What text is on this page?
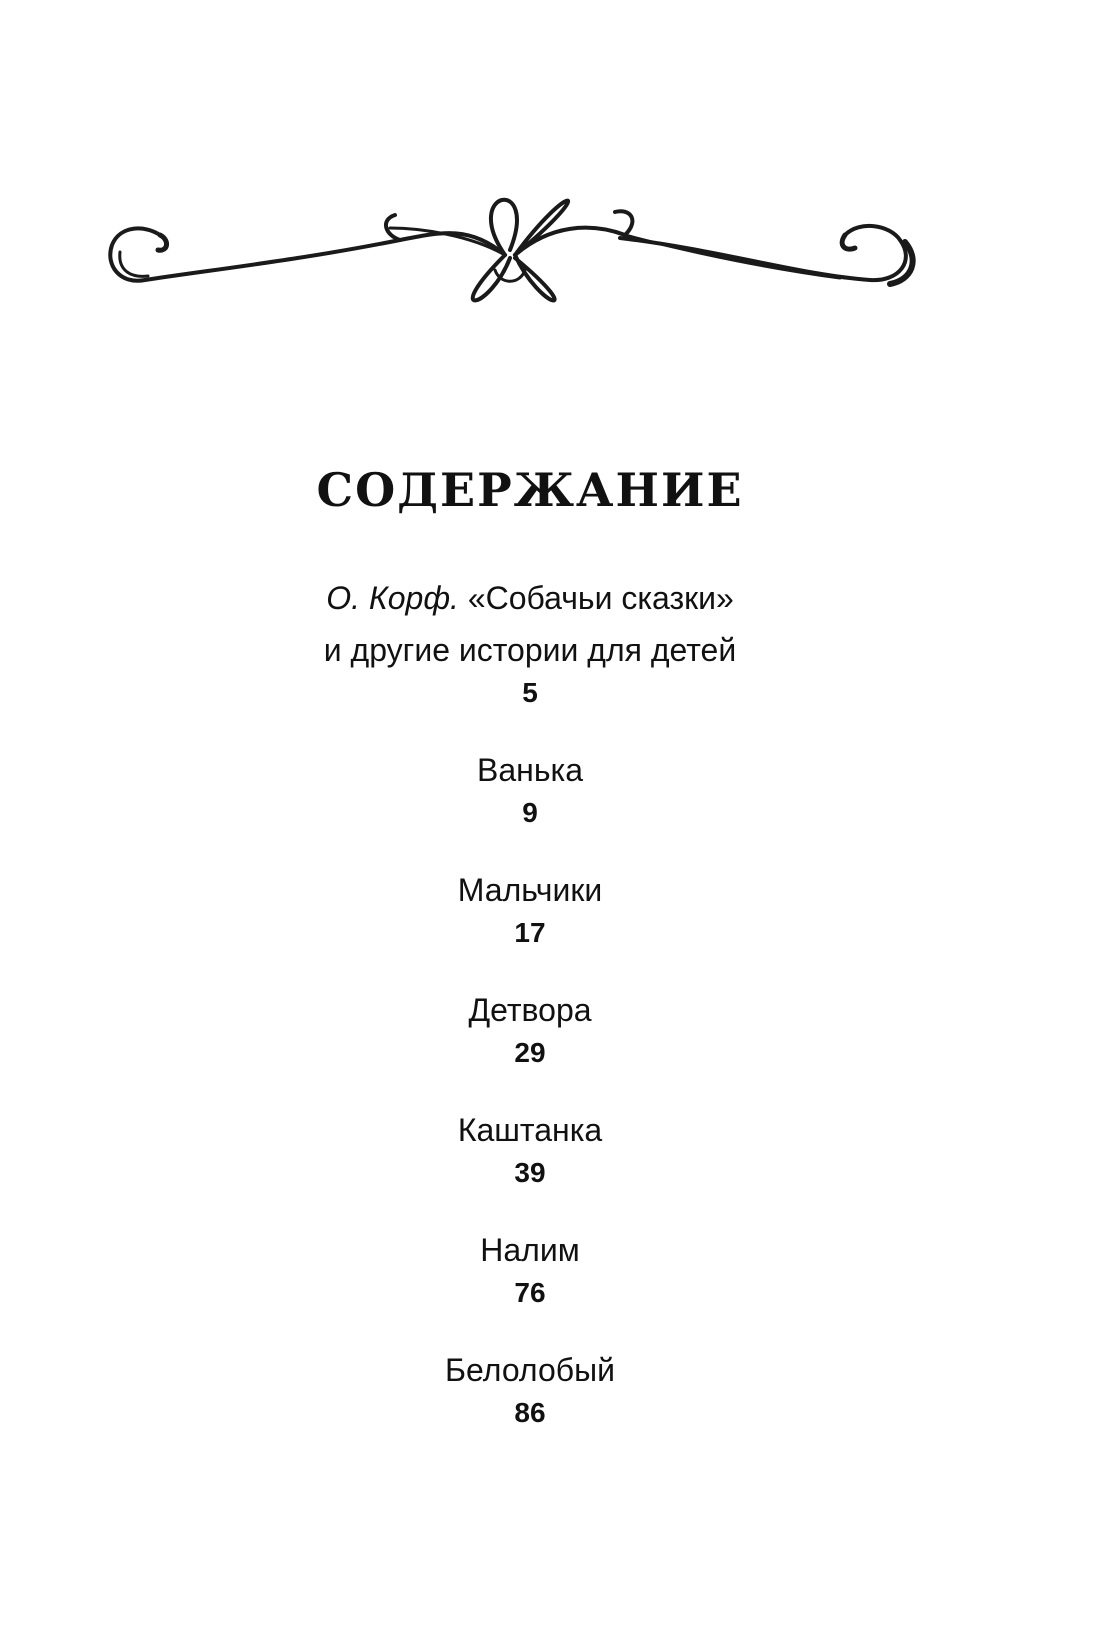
СОДЕРЖАНИЕ
О. Корф. «Собачьи сказки»
и другие истории для детей
5
Ванька
9
Мальчики
17
Детвора
29
Каштанка
39
Налим
76
Белолобый
86
